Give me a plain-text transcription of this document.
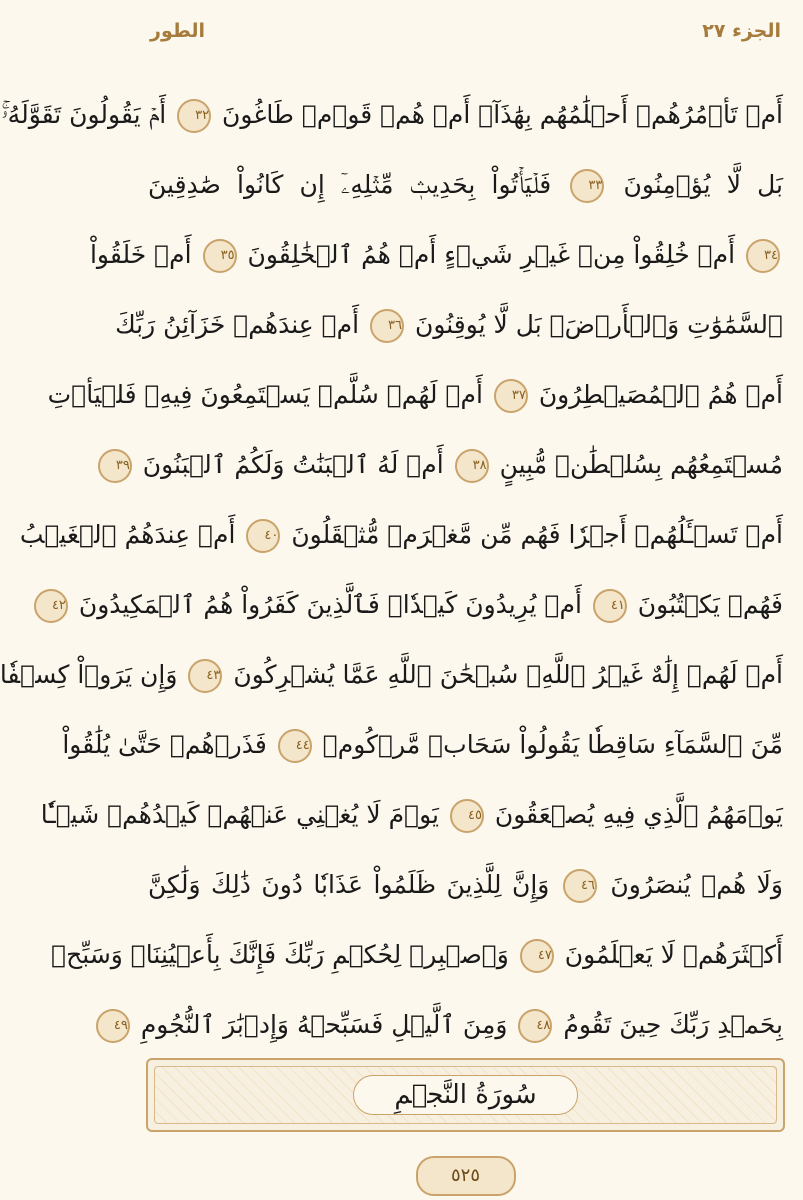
الجزء ٢٧
الطور
أَمۡ تَأۡمُرُهُمۡ أَحۡلَٰمُهُم بِهَٰذَآۚ أَمۡ هُمۡ قَوۡمٞ طَاغُونَ ٣٢ أَمۡ يَقُولُونَ تَقَوَّلَهُۥۚ
بَل لَّا يُؤۡمِنُونَ ٣٣ فَلۡيَأۡتُواْ بِحَدِيثٖ مِّثۡلِهِۦٓ إِن كَانُواْ صَٰدِقِينَ
٣٤ أَمۡ خُلِقُواْ مِنۡ غَيۡرِ شَيۡءٍ أَمۡ هُمُ ٱلۡخَٰلِقُونَ ٣٥ أَمۡ خَلَقُواْ
ٱلسَّمَٰوَٰتِ وَٱلۡأَرۡضَۚ بَل لَّا يُوقِنُونَ ٣٦ أَمۡ عِندَهُمۡ خَزَآئِنُ رَبِّكَ
أَمۡ هُمُ ٱلۡمُصَيۡطِرُونَ ٣٧ أَمۡ لَهُمۡ سُلَّمٞ يَسۡتَمِعُونَ فِيهِۖ فَلۡيَأۡتِ
مُسۡتَمِعُهُم بِسُلۡطَٰنٖ مُّبِينٍ ٣٨ أَمۡ لَهُ ٱلۡبَنَٰتُ وَلَكُمُ ٱلۡبَنُونَ ٣٩
أَمۡ تَسۡـَٔلُهُمۡ أَجۡرٗا فَهُم مِّن مَّغۡرَمٖ مُّثۡقَلُونَ ٤٠ أَمۡ عِندَهُمُ ٱلۡغَيۡبُ
فَهُمۡ يَكۡتُبُونَ ٤١ أَمۡ يُرِيدُونَ كَيۡدٗاۖ فَٱلَّذِينَ كَفَرُواْ هُمُ ٱلۡمَكِيدُونَ ٤٢
أَمۡ لَهُمۡ إِلَٰهٌ غَيۡرُ ٱللَّهِۚ سُبۡحَٰنَ ٱللَّهِ عَمَّا يُشۡرِكُونَ ٤٣ وَإِن يَرَوۡاْ كِسۡفٗا
مِّنَ ٱلسَّمَآءِ سَاقِطٗا يَقُولُواْ سَحَابٞ مَّرۡكُومٞ ٤٤ فَذَرۡهُمۡ حَتَّىٰ يُلَٰقُواْ
يَوۡمَهُمُ ٱلَّذِي فِيهِ يُصۡعَقُونَ ٤٥ يَوۡمَ لَا يُغۡنِي عَنۡهُمۡ كَيۡدُهُمۡ شَيۡـٔٗا
وَلَا هُمۡ يُنصَرُونَ ٤٦ وَإِنَّ لِلَّذِينَ ظَلَمُواْ عَذَابٗا دُونَ ذَٰلِكَ وَلَٰكِنَّ
أَكۡثَرَهُمۡ لَا يَعۡلَمُونَ ٤٧ وَٱصۡبِرۡ لِحُكۡمِ رَبِّكَ فَإِنَّكَ بِأَعۡيُنِنَاۖ وَسَبِّحۡ
بِحَمۡدِ رَبِّكَ حِينَ تَقُومُ ٤٨ وَمِنَ ٱلَّيۡلِ فَسَبِّحۡهُ وَإِدۡبَٰرَ ٱلنُّجُومِ ٤٩
سُورَةُ النَّجۡمِ
٥٢٥
